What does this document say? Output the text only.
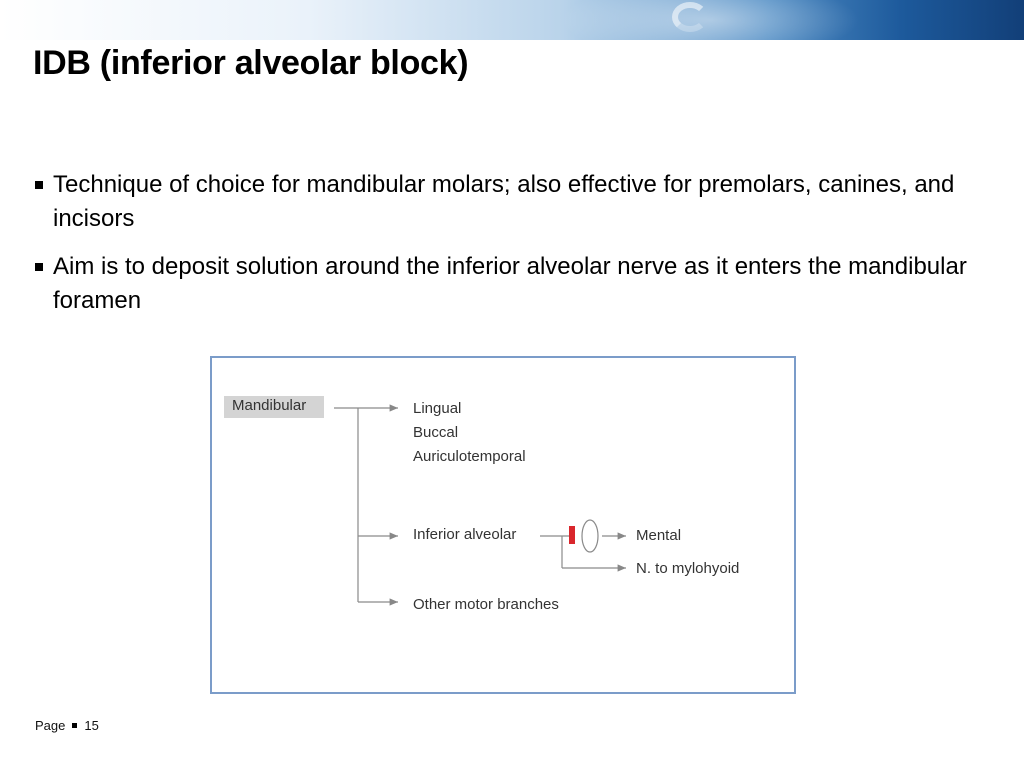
IDB (inferior alveolar block)
Technique of choice for mandibular molars; also effective for premolars, canines, and incisors
Aim is to deposit solution around the inferior alveolar nerve as it enters the mandibular foramen
Mandibular	Lingual
Buccal
Auriculotemporal
Inferior alveolar	Mental
N. to mylohyoid
Other motor branches
Page 15
